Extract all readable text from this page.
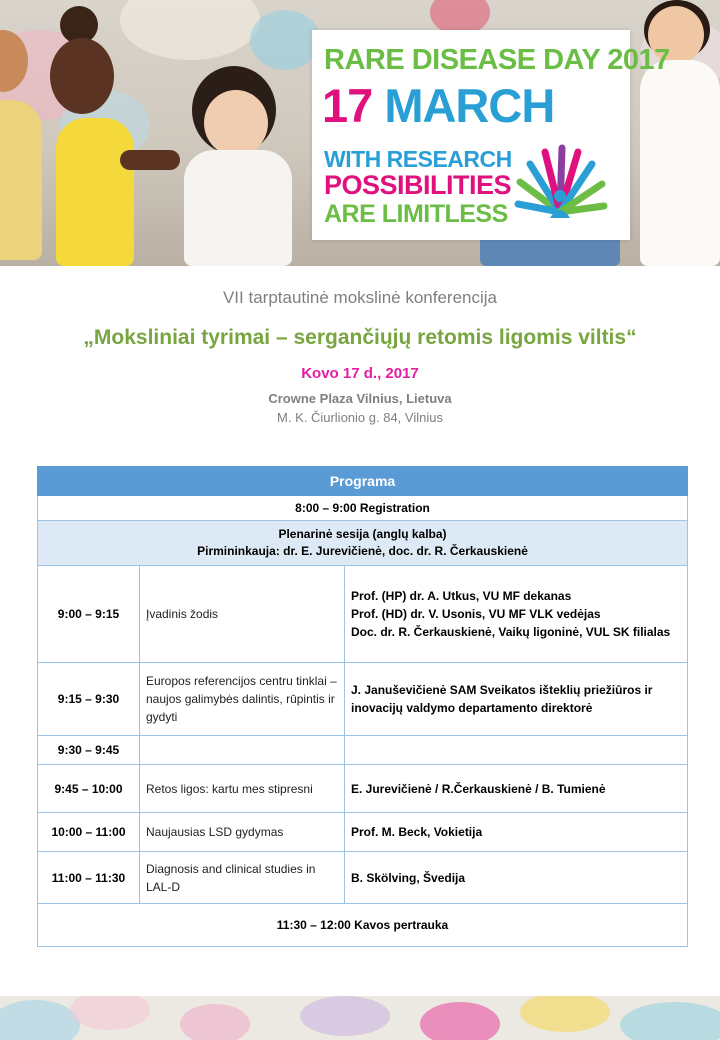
RARE DISEASE DAY 2017
17 MARCH
WITH RESEARCH
POSSIBILITIES
ARE LIMITLESS
VII tarptautinė mokslinė konferencija
„Moksliniai tyrimai – sergančiųjų retomis ligomis viltis“
Kovo 17 d., 2017
Crowne Plaza Vilnius, Lietuva
M. K. Čiurlionio g. 84, Vilnius
Programa		
8:00 – 9:00 Registration		

Plenarinė sesija (anglų kalba)
Pirmininkauja: dr. E. Jurevičienė, doc. dr. R. Čerkauskienė		

9:00 – 9:15	Įvadinis žodis	Prof. (HP) dr. A. Utkus, VU MF dekanas
Prof. (HD) dr. V. Usonis, VU MF VLK vedėjas
Doc. dr. R. Čerkauskienė, Vaikų ligoninė, VUL SK filialas
9:15 – 9:30	Europos referencijos centru tinklai – naujos galimybės dalintis, rūpintis ir gydyti	J. Januševičienė SAM Sveikatos išteklių priežiūros ir inovacijų valdymo departamento direktorė
9:30 – 9:45		
9:45 – 10:00	Retos ligos: kartu mes stipresni	E. Jurevičienė / R.Čerkauskienė / B. Tumienė
10:00 – 11:00	Naujausias LSD gydymas	Prof. M. Beck, Vokietija
11:00 – 11:30	Diagnosis and clinical studies in LAL-D	B. Skölving, Švedija
11:30 – 12:00 Kavos pertrauka		
